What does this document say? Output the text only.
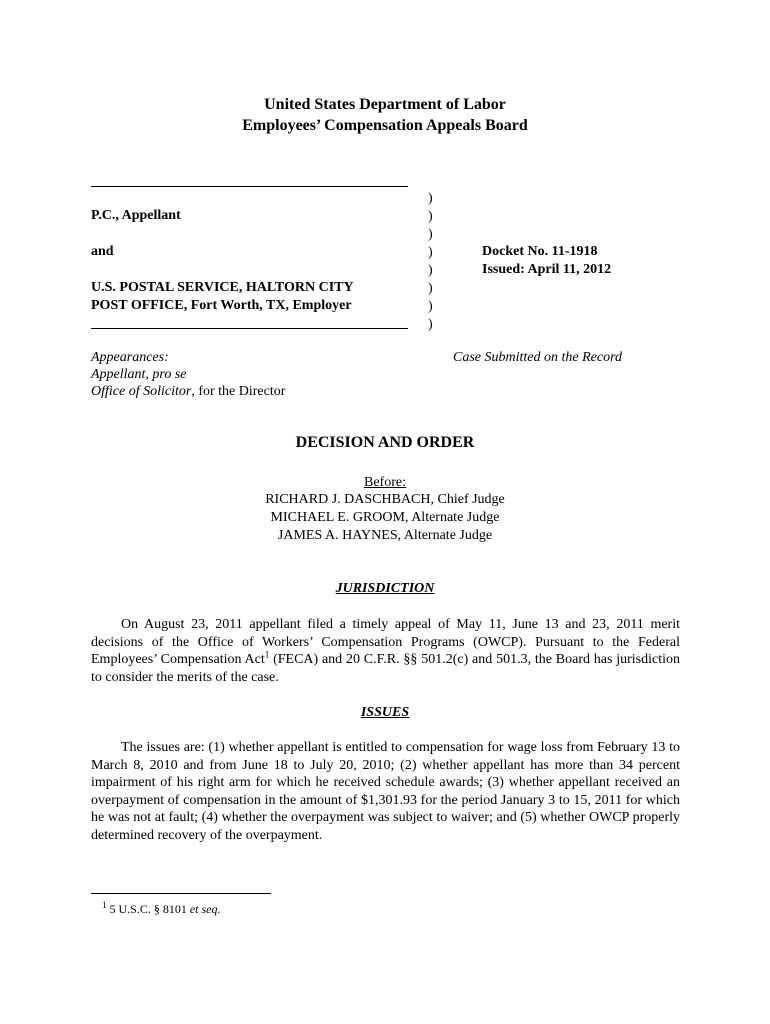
United States Department of Labor
Employees’ Compensation Appeals Board
P.C., Appellant
and
U.S. POSTAL SERVICE, HALTORN CITY
POST OFFICE, Fort Worth, TX, Employer
)
)
)
)
)
)
)
)
Docket No. 11-1918
Issued: April 11, 2012
Appearances:
Appellant, pro se
Office of Solicitor, for the Director
Case Submitted on the Record
DECISION AND ORDER
Before:
RICHARD J. DASCHBACH, Chief Judge
MICHAEL E. GROOM, Alternate Judge
JAMES A. HAYNES, Alternate Judge
JURISDICTION
On August 23, 2011 appellant filed a timely appeal of May 11, June 13 and 23, 2011 merit decisions of the Office of Workers’ Compensation Programs (OWCP). Pursuant to the Federal Employees’ Compensation Act$^1$ (FECA) and 20 C.F.R. §§ 501.2(c) and 501.3, the Board has jurisdiction to consider the merits of the case.
ISSUES
The issues are: (1) whether appellant is entitled to compensation for wage loss from February 13 to March 8, 2010 and from June 18 to July 20, 2010; (2) whether appellant has more than 34 percent impairment of his right arm for which he received schedule awards; (3) whether appellant received an overpayment of compensation in the amount of $1,301.93 for the period January 3 to 15, 2011 for which he was not at fault; (4) whether the overpayment was subject to waiver; and (5) whether OWCP properly determined recovery of the overpayment.
$^1$ 5 U.S.C. § 8101 et seq.
